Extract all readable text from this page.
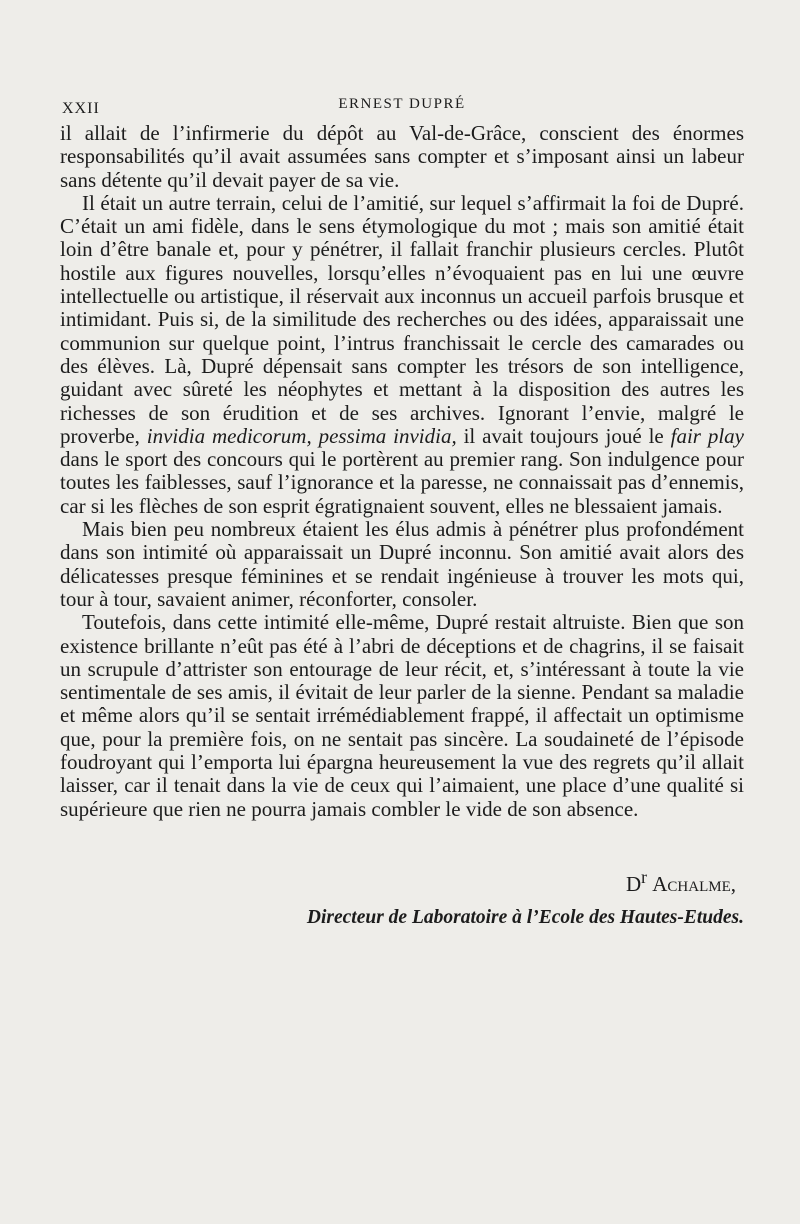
XXII	ERNEST DUPRÉ

il allait de l’infirmerie du dépôt au Val-de-Grâce, conscient des énormes responsabilités qu’il avait assumées sans compter et s’imposant ainsi un labeur sans détente qu’il devait payer de sa vie.

Il était un autre terrain, celui de l’amitié, sur lequel s’affirmait la foi de Dupré. C’était un ami fidèle, dans le sens étymologique du mot ; mais son amitié était loin d’être banale et, pour y pénétrer, il fallait franchir plusieurs cercles. Plutôt hostile aux figures nouvelles, lorsqu’elles n’évoquaient pas en lui une œuvre intellectuelle ou artistique, il réservait aux inconnus un accueil parfois brusque et intimidant. Puis si, de la similitude des recherches ou des idées, apparaissait une communion sur quelque point, l’intrus franchissait le cercle des camarades ou des élèves. Là, Dupré dépensait sans compter les trésors de son intelligence, guidant avec sûreté les néophytes et mettant à la disposition des autres les richesses de son érudition et de ses archives. Ignorant l’envie, malgré le proverbe, invidia medicorum, pessima invidia, il avait toujours joué le fair play dans le sport des concours qui le portèrent au premier rang. Son indulgence pour toutes les faiblesses, sauf l’ignorance et la paresse, ne connaissait pas d’ennemis, car si les flèches de son esprit égratignaient souvent, elles ne blessaient jamais.

Mais bien peu nombreux étaient les élus admis à pénétrer plus profondément dans son intimité où apparaissait un Dupré inconnu. Son amitié avait alors des délicatesses presque féminines et se rendait ingénieuse à trouver les mots qui, tour à tour, savaient animer, réconforter, consoler.

Toutefois, dans cette intimité elle-même, Dupré restait altruiste. Bien que son existence brillante n’eût pas été à l’abri de déceptions et de chagrins, il se faisait un scrupule d’attrister son entourage de leur récit, et, s’intéressant à toute la vie sentimentale de ses amis, il évitait de leur parler de la sienne. Pendant sa maladie et même alors qu’il se sentait irrémédiablement frappé, il affectait un optimisme que, pour la première fois, on ne sentait pas sincère. La soudaineté de l’épisode foudroyant qui l’emporta lui épargna heureusement la vue des regrets qu’il allait laisser, car il tenait dans la vie de ceux qui l’aimaient, une place d’une qualité si supérieure que rien ne pourra jamais combler le vide de son absence.

$D^r$ Achalme,
Directeur de Laboratoire à l’Ecole des Hautes-Etudes.
